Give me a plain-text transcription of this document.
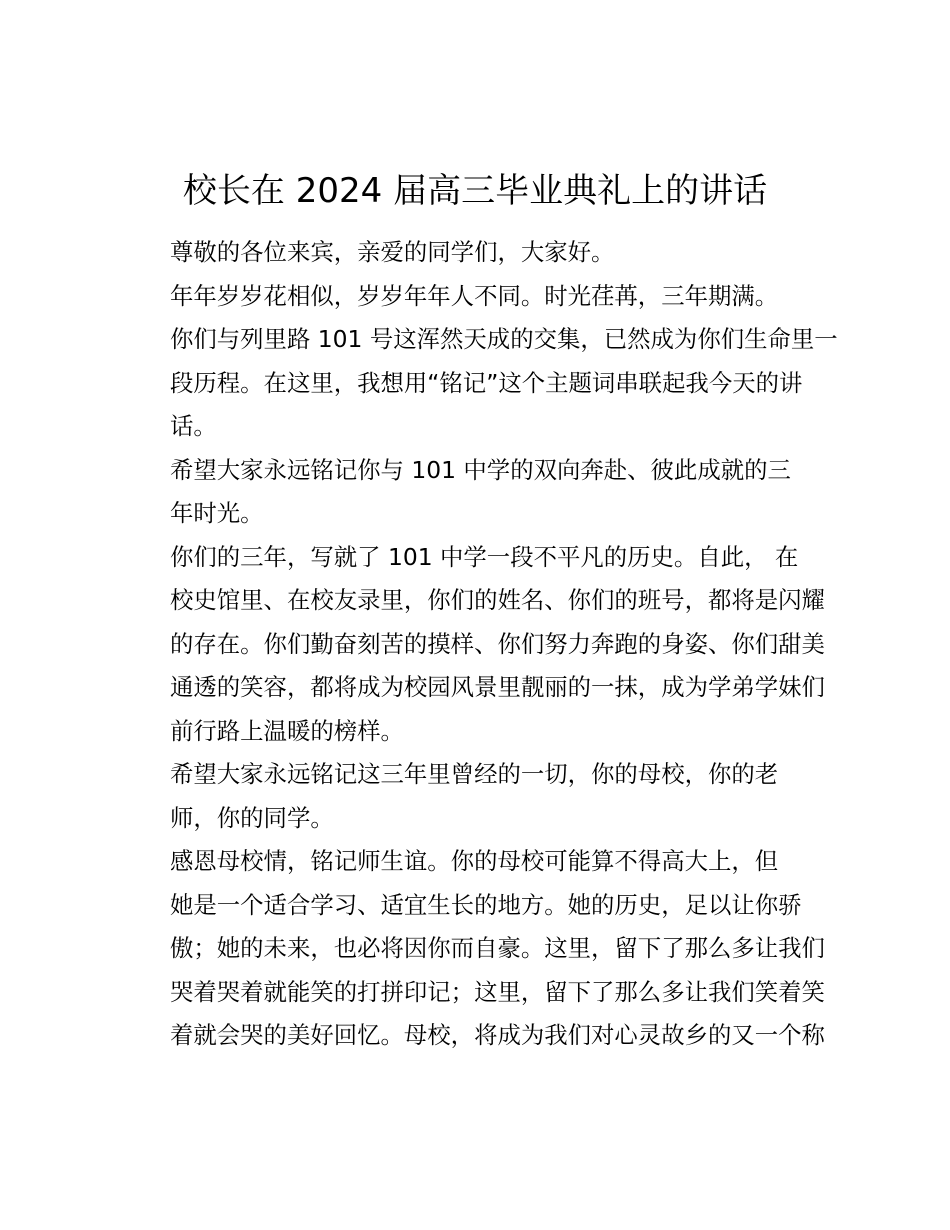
校长在 2024 届高三毕业典礼上的讲话

尊敬的各位来宾，亲爱的同学们，大家好。

年年岁岁花相似，岁岁年年人不同。时光荏苒，三年期满。
你们与列里路 101 号这浑然天成的交集，已然成为你们生命里一
段历程。在这里，我想用“铭记”这个主题词串联起我今天的讲
话。

希望大家永远铭记你与 101 中学的双向奔赴、彼此成就的三
年时光。

你们的三年，写就了 101 中学一段不平凡的历史。自此， 在
校史馆里、在校友录里，你们的姓名、你们的班号，都将是闪耀
的存在。你们勤奋刻苦的摸样、你们努力奔跑的身姿、你们甜美
通透的笑容，都将成为校园风景里靓丽的一抹，成为学弟学妹们
前行路上温暖的榜样。

希望大家永远铭记这三年里曾经的一切，你的母校，你的老
师，你的同学。

感恩母校情，铭记师生谊。你的母校可能算不得高大上，但
她是一个适合学习、适宜生长的地方。她的历史，足以让你骄
傲；她的未来，也必将因你而自豪。这里，留下了那么多让我们
哭着哭着就能笑的打拼印记；这里，留下了那么多让我们笑着笑
着就会哭的美好回忆。母校，将成为我们对心灵故乡的又一个称
